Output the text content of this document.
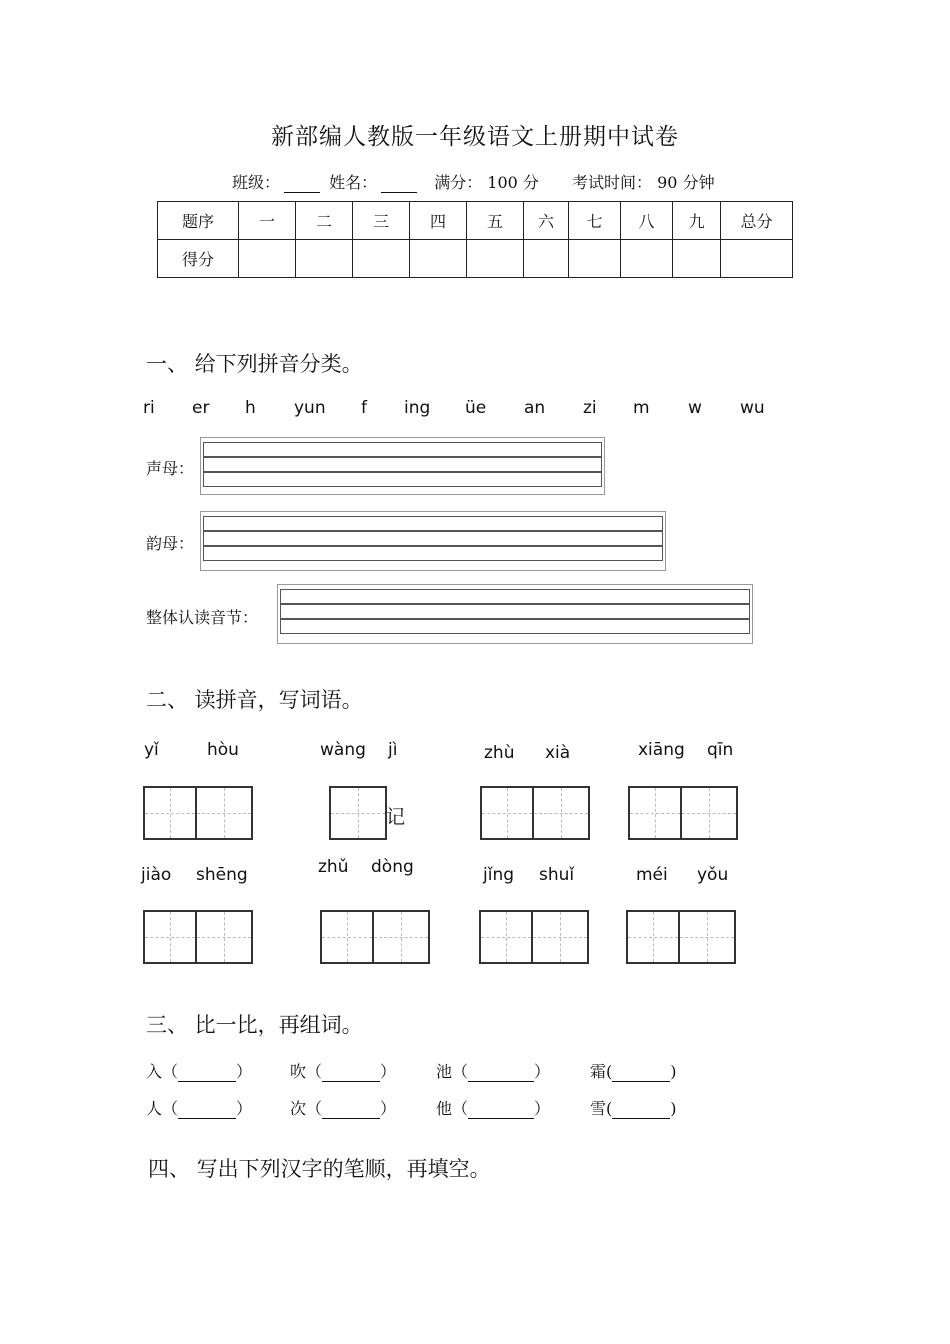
新部编人教版一年级语文上册期中试卷
班级：	姓名：	满分： 100 分 考试时间： 90 分钟
题序	一	二	三	四	五	六	七	八	九	总分
得分										
一、 给下列拼音分类。
ri er h yun f ing üe an zi m w wu
声母：
韵母：
整体认读音节：
二、 读拼音，写词语。
yǐ	hòu	wàng jì	zhù xià	xiāng qīn
记
jiào shēng	zhǔ dòng	jǐng shuǐ	méi yǒu
三、 比一比，再组词。
入（	） 吹（	） 池（	） 霜(	)
人（	） 次（	） 他（	） 雪(	)
四、 写出下列汉字的笔顺，再填空。
